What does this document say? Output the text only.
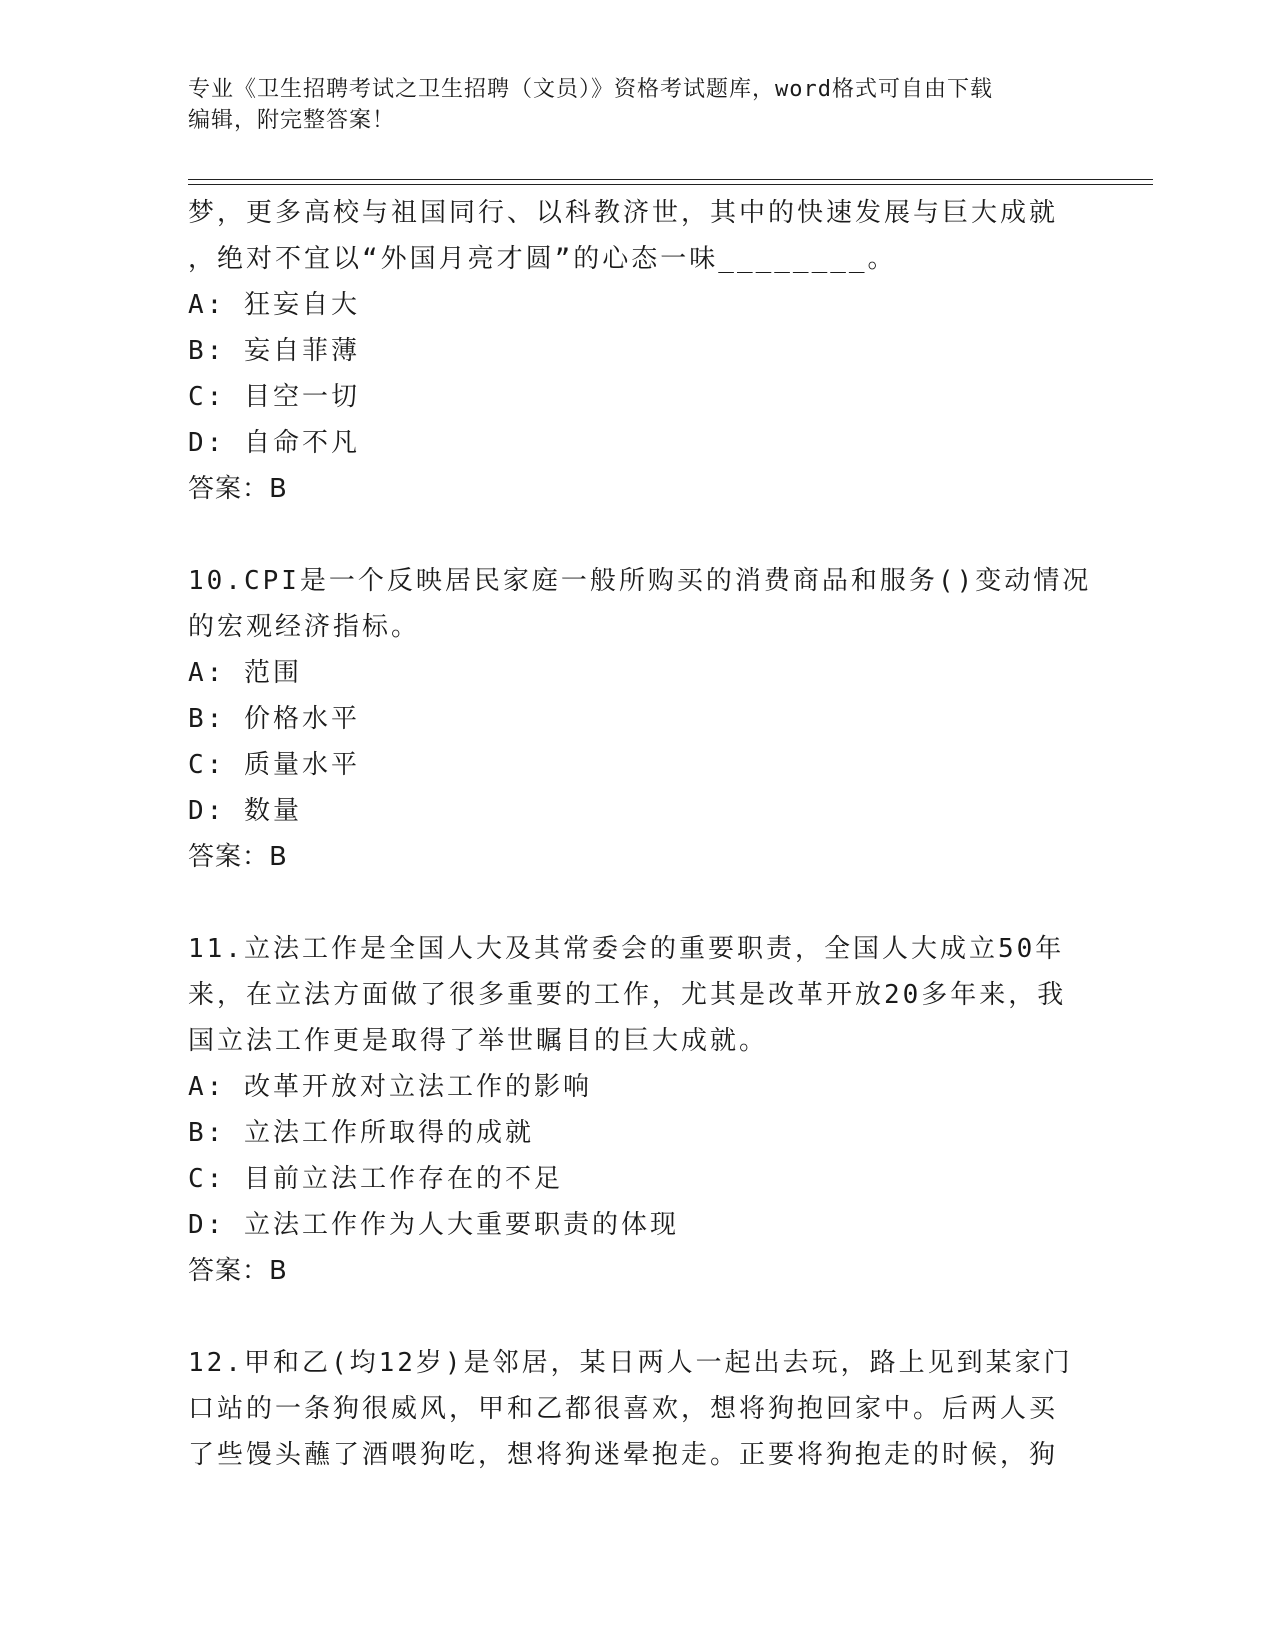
专业《卫生招聘考试之卫生招聘（文员）》资格考试题库，word格式可自由下载
编辑，附完整答案！
梦，更多高校与祖国同行、以科教济世，其中的快速发展与巨大成就
，绝对不宜以“外国月亮才圆”的心态一味________。
A: 狂妄自大
B: 妄自菲薄
C: 目空一切
D: 自命不凡
答案：B
10.CPI是一个反映居民家庭一般所购买的消费商品和服务()变动情况
的宏观经济指标。
A: 范围
B: 价格水平
C: 质量水平
D: 数量
答案：B
11.立法工作是全国人大及其常委会的重要职责，全国人大成立50年
来，在立法方面做了很多重要的工作，尤其是改革开放20多年来，我
国立法工作更是取得了举世瞩目的巨大成就。
A: 改革开放对立法工作的影响
B: 立法工作所取得的成就
C: 目前立法工作存在的不足
D: 立法工作作为人大重要职责的体现
答案：B
12.甲和乙(均12岁)是邻居，某日两人一起出去玩，路上见到某家门
口站的一条狗很威风，甲和乙都很喜欢，想将狗抱回家中。后两人买
了些馒头蘸了酒喂狗吃，想将狗迷晕抱走。正要将狗抱走的时候，狗
